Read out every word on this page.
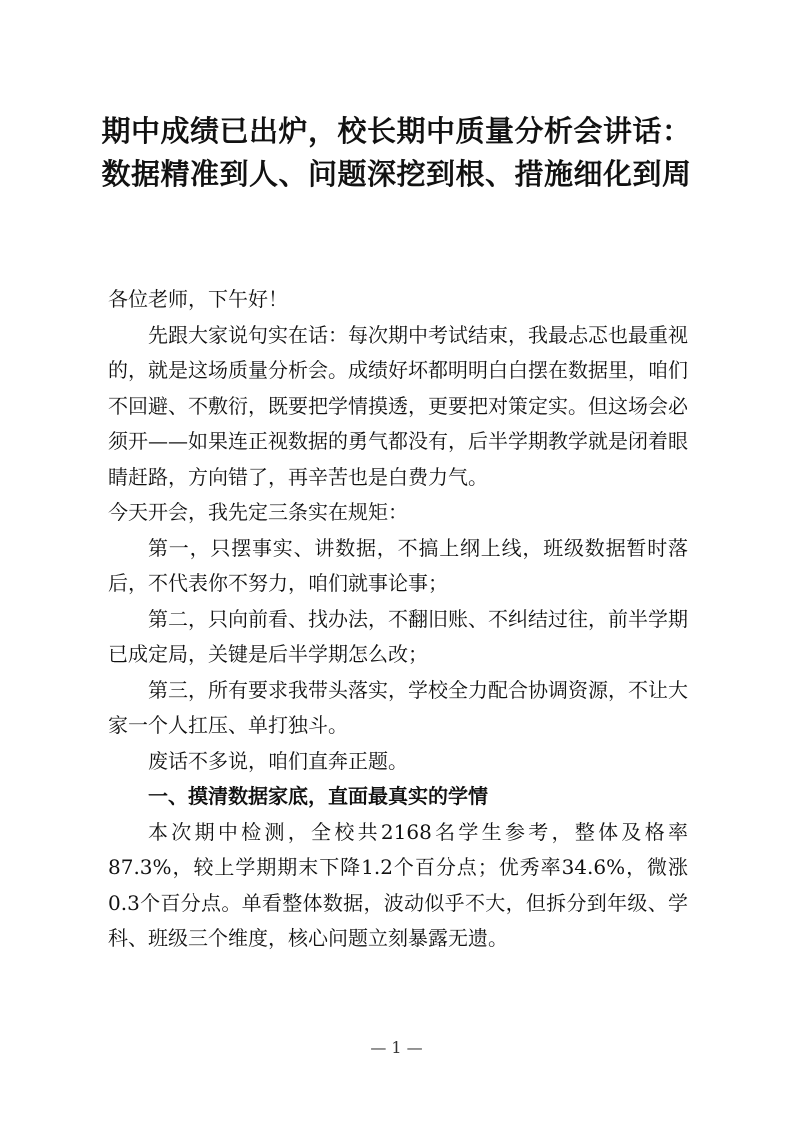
期中成绩已出炉，校长期中质量分析会讲话：数据精准到人、问题深挖到根、措施细化到周

各位老师，下午好！

先跟大家说句实在话：每次期中考试结束，我最忐忑也最重视的，就是这场质量分析会。成绩好坏都明明白白摆在数据里，咱们不回避、不敷衍，既要把学情摸透，更要把对策定实。但这场会必须开——如果连正视数据的勇气都没有，后半学期教学就是闭着眼睛赶路，方向错了，再辛苦也是白费力气。

今天开会，我先定三条实在规矩：

第一，只摆事实、讲数据，不搞上纲上线，班级数据暂时落后，不代表你不努力，咱们就事论事；

第二，只向前看、找办法，不翻旧账、不纠结过往，前半学期已成定局，关键是后半学期怎么改；

第三，所有要求我带头落实，学校全力配合协调资源，不让大家一个人扛压、单打独斗。

废话不多说，咱们直奔正题。

一、摸清数据家底，直面最真实的学情

本次期中检测，全校共2168名学生参考，整体及格率87.3%，较上学期期末下降1.2个百分点；优秀率34.6%，微涨0.3个百分点。单看整体数据，波动似乎不大，但拆分到年级、学科、班级三个维度，核心问题立刻暴露无遗。

— 1 —
